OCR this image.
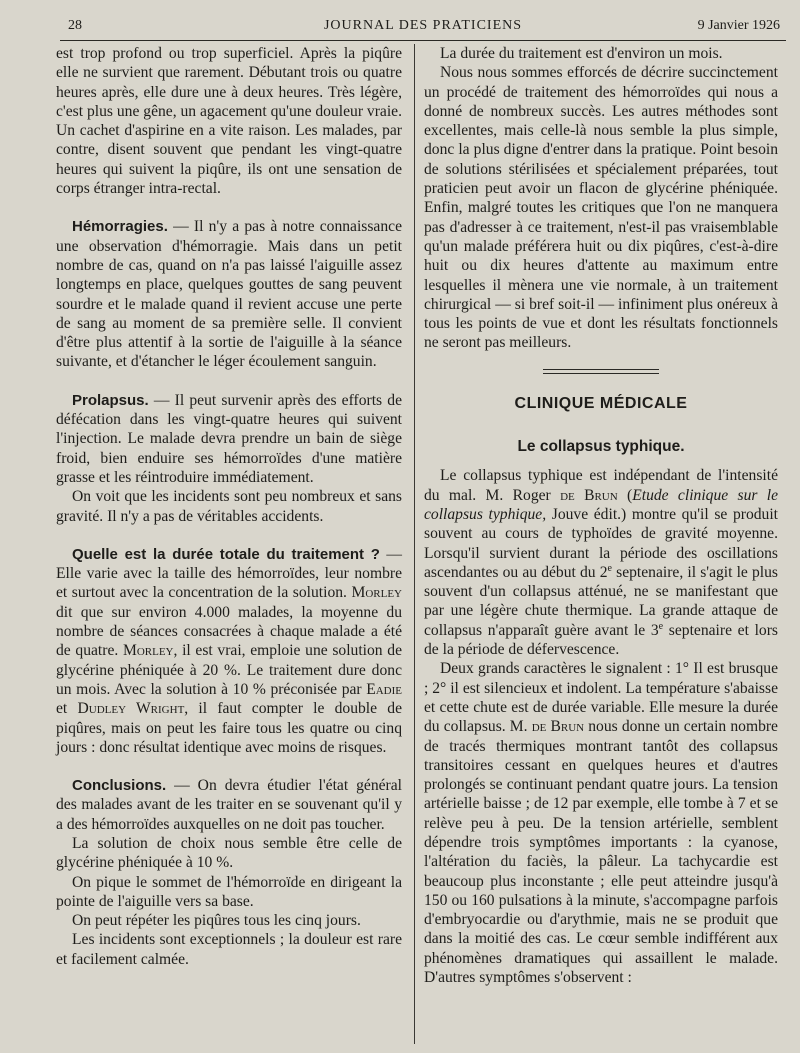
28	JOURNAL DES PRATICIENS	9 Janvier 1926

est trop profond ou trop superficiel. Après la piqûre elle ne survient que rarement. Débutant trois ou quatre heures après, elle dure une à deux heures. Très légère, c'est plus une gêne, un agacement qu'une douleur vraie. Un cachet d'aspirine en a vite raison. Les malades, par contre, disent souvent que pendant les vingt-quatre heures qui suivent la piqûre, ils ont une sensation de corps étranger intra-rectal.

Hémorragies. — Il n'y a pas à notre connaissance une observation d'hémorragie. Mais dans un petit nombre de cas, quand on n'a pas laissé l'aiguille assez longtemps en place, quelques gouttes de sang peuvent sourdre et le malade quand il revient accuse une perte de sang au moment de sa première selle. Il convient d'être plus attentif à la sortie de l'aiguille à la séance suivante, et d'étancher le léger écoulement sanguin.

Prolapsus. — Il peut survenir après des efforts de défécation dans les vingt-quatre heures qui suivent l'injection. Le malade devra prendre un bain de siège froid, bien enduire ses hémorroïdes d'une matière grasse et les réintroduire immédiatement.

On voit que les incidents sont peu nombreux et sans gravité. Il n'y a pas de véritables accidents.

Quelle est la durée totale du traitement ? — Elle varie avec la taille des hémorroïdes, leur nombre et surtout avec la concentration de la solution. Morley dit que sur environ 4.000 malades, la moyenne du nombre de séances consacrées à chaque malade a été de quatre. Morley, il est vrai, emploie une solution de glycérine phéniquée à 20 %. Le traitement dure donc un mois. Avec la solution à 10 % préconisée par Eadie et Dudley Wright, il faut compter le double de piqûres, mais on peut les faire tous les quatre ou cinq jours : donc résultat identique avec moins de risques.

Conclusions. — On devra étudier l'état général des malades avant de les traiter en se souvenant qu'il y a des hémorroïdes auxquelles on ne doit pas toucher.

La solution de choix nous semble être celle de glycérine phéniquée à 10 %.

On pique le sommet de l'hémorroïde en dirigeant la pointe de l'aiguille vers sa base.

On peut répéter les piqûres tous les cinq jours.

Les incidents sont exceptionnels ; la douleur est rare et facilement calmée.

La durée du traitement est d'environ un mois.

Nous nous sommes efforcés de décrire succinctement un procédé de traitement des hémorroïdes qui nous a donné de nombreux succès. Les autres méthodes sont excellentes, mais celle-là nous semble la plus simple, donc la plus digne d'entrer dans la pratique. Point besoin de solutions stérilisées et spécialement préparées, tout praticien peut avoir un flacon de glycérine phéniquée. Enfin, malgré toutes les critiques que l'on ne manquera pas d'adresser à ce traitement, n'est-il pas vraisemblable qu'un malade préférera huit ou dix piqûres, c'est-à-dire huit ou dix heures d'attente au maximum entre lesquelles il mènera une vie normale, à un traitement chirurgical — si bref soit-il — infiniment plus onéreux à tous les points de vue et dont les résultats fonctionnels ne seront pas meilleurs.

CLINIQUE MÉDICALE
Le collapsus typhique.

Le collapsus typhique est indépendant de l'intensité du mal. M. Roger de Brun (Etude clinique sur le collapsus typhique, Jouve édit.) montre qu'il se produit souvent au cours de typhoïdes de gravité moyenne. Lorsqu'il survient durant la période des oscillations ascendantes ou au début du 2e septenaire, il s'agit le plus souvent d'un collapsus atténué, ne se manifestant que par une légère chute thermique. La grande attaque de collapsus n'apparaît guère avant le 3e septenaire et lors de la période de défervescence.

Deux grands caractères le signalent : 1° Il est brusque ; 2° il est silencieux et indolent. La température s'abaisse et cette chute est de durée variable. Elle mesure la durée du collapsus. M. de Brun nous donne un certain nombre de tracés thermiques montrant tantôt des collapsus transitoires cessant en quelques heures et d'autres prolongés se continuant pendant quatre jours. La tension artérielle baisse ; de 12 par exemple, elle tombe à 7 et se relève peu à peu. De la tension artérielle, semblent dépendre trois symptômes importants : la cyanose, l'altération du faciès, la pâleur. La tachycardie est beaucoup plus inconstante ; elle peut atteindre jusqu'à 150 ou 160 pulsations à la minute, s'accompagne parfois d'embryocardie ou d'arythmie, mais ne se produit que dans la moitié des cas. Le cœur semble indifférent aux phénomènes dramatiques qui assaillent le malade. D'autres symptômes s'observent :
